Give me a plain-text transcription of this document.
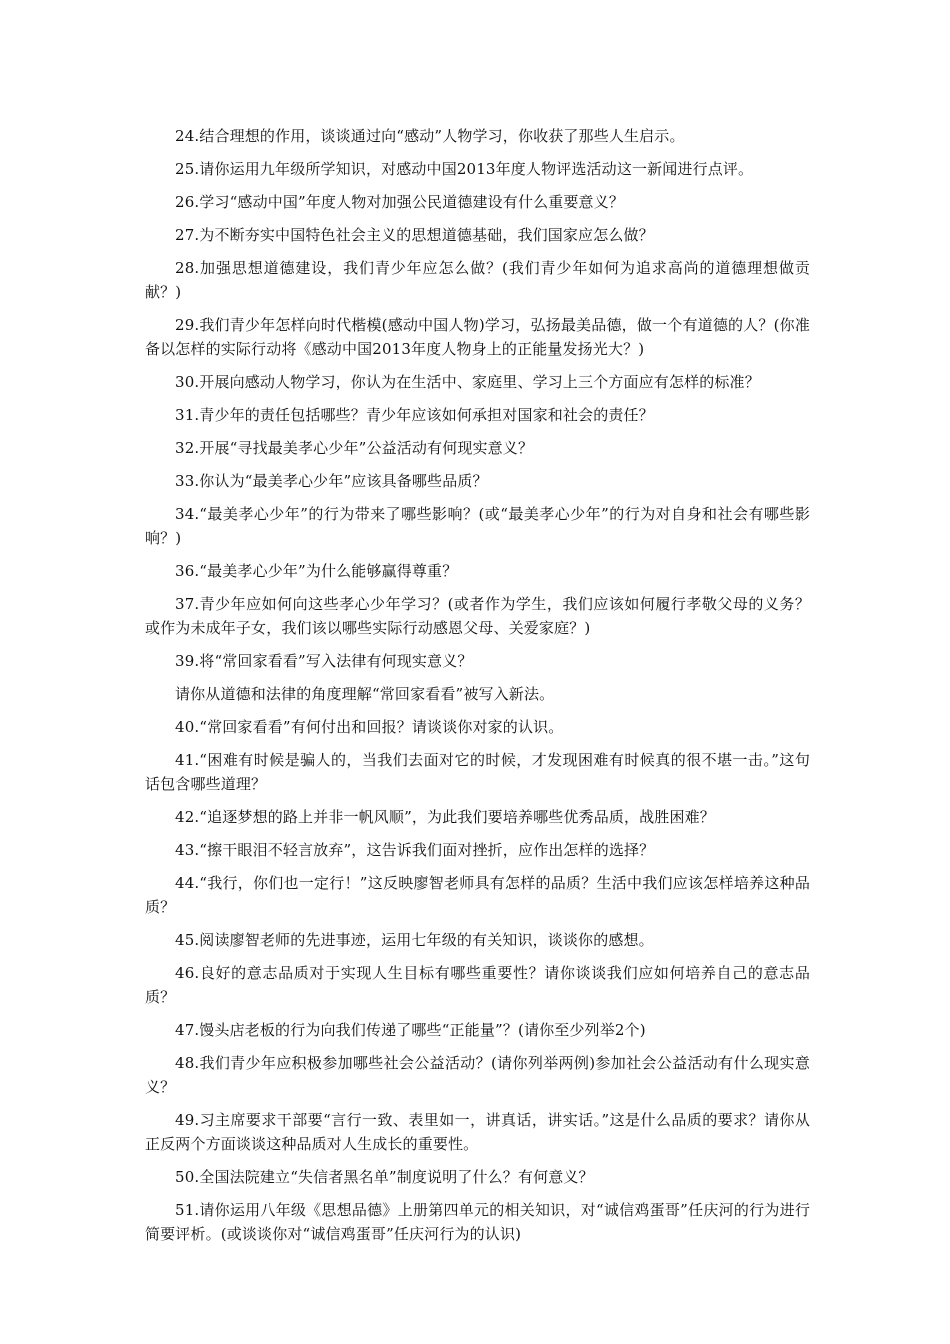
24.结合理想的作用，谈谈通过向“感动”人物学习，你收获了那些人生启示。

25.请你运用九年级所学知识，对感动中国2013年度人物评选活动这一新闻进行点评。

26.学习“感动中国”年度人物对加强公民道德建设有什么重要意义？

27.为不断夯实中国特色社会主义的思想道德基础，我们国家应怎么做？

28.加强思想道德建设，我们青少年应怎么做？(我们青少年如何为追求高尚的道德理想做贡献？)

29.我们青少年怎样向时代楷模(感动中国人物)学习，弘扬最美品德，做一个有道德的人？(你准备以怎样的实际行动将《感动中国2013年度人物身上的正能量发扬光大？)

30.开展向感动人物学习，你认为在生活中、家庭里、学习上三个方面应有怎样的标准？

31.青少年的责任包括哪些？青少年应该如何承担对国家和社会的责任？

32.开展“寻找最美孝心少年”公益活动有何现实意义？

33.你认为“最美孝心少年”应该具备哪些品质？

34.“最美孝心少年”的行为带来了哪些影响？(或“最美孝心少年”的行为对自身和社会有哪些影响？)

36.“最美孝心少年”为什么能够赢得尊重？

37.青少年应如何向这些孝心少年学习？(或者作为学生，我们应该如何履行孝敬父母的义务？或作为未成年子女，我们该以哪些实际行动感恩父母、关爱家庭？)

39.将“常回家看看”写入法律有何现实意义？

请你从道德和法律的角度理解“常回家看看”被写入新法。

40.“常回家看看”有何付出和回报？请谈谈你对家的认识。

41.“困难有时候是骗人的，当我们去面对它的时候，才发现困难有时候真的很不堪一击。”这句话包含哪些道理？

42.“追逐梦想的路上并非一帆风顺”，为此我们要培养哪些优秀品质，战胜困难？

43.“擦干眼泪不轻言放弃”，这告诉我们面对挫折，应作出怎样的选择？

44.“我行，你们也一定行！”这反映廖智老师具有怎样的品质？生活中我们应该怎样培养这种品质？

45.阅读廖智老师的先进事迹，运用七年级的有关知识，谈谈你的感想。

46.良好的意志品质对于实现人生目标有哪些重要性？请你谈谈我们应如何培养自己的意志品质？

47.馒头店老板的行为向我们传递了哪些“正能量”？(请你至少列举2个)

48.我们青少年应积极参加哪些社会公益活动？(请你列举两例)参加社会公益活动有什么现实意义？

49.习主席要求干部要“言行一致、表里如一，讲真话，讲实话。”这是什么品质的要求？请你从正反两个方面谈谈这种品质对人生成长的重要性。

50.全国法院建立“失信者黑名单”制度说明了什么？有何意义？

51.请你运用八年级《思想品德》上册第四单元的相关知识，对“诚信鸡蛋哥”任庆河的行为进行简要评析。(或谈谈你对“诚信鸡蛋哥”任庆河行为的认识)
